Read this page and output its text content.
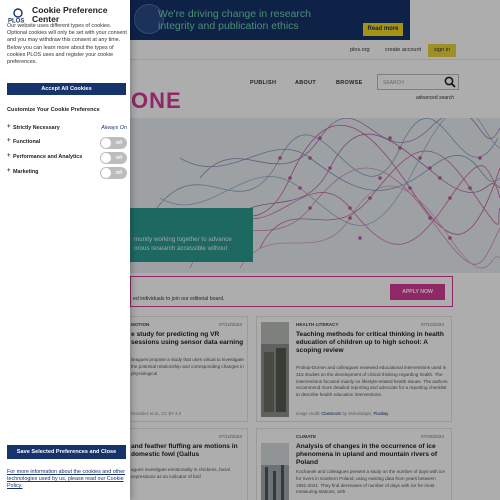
We're driving change in research integrity and publication ethics	Read more
plos.org	create account	sign in
PUBLISH	ABOUT	BROWSE	SEARCH
advanced search
ONE
munity working together to advance orous research accessible without
ed individuals to join our editorial board.
APPLY NOW
MOTION	07/10/2024
e study for predicting ng VR sessions using sensor data earning
lleagues propose a study that uses virtual to investigate the potential relationship and corresponding changes in physiological
Gonzalez et al., CC BY 4.0
HEALTH LITERACY	07/10/2024
Teaching methods for critical thinking in health education of children up to high school: A scoping review
Prokop-Dorner and colleagues reviewed educational interventions used in 315 studies on the development of critical thinking regarding health. The interventions focused mainly on lifestyle-related health issues. The authors recommend more detailed reporting and advocate for a reporting checklist to describe health education interventions.
Image credit: Classroom by Wokandapix, Pixabay
07/10/2024
and feather fluffing are motions in domestic fowl (Gallus
agues investigate emotionality in chickens, facial expressions as an indicator of bird
CLIMATE	07/09/2024
Analysis of changes in the occurrence of ice phenomena in upland and mountain rivers of Poland
Kochanek and colleagues present a study on the number of days with ice for rivers in southern Poland, using existing data from years between 1951-2021. They find decreases of number of days with ice for most measuring stations, with
PLOS
Cookie Preference Center
Our website uses different types of cookies. Optional cookies will only be set with your consent and you may withdraw this consent at any time. Below you can learn more about the types of cookies PLOS uses and register your cookie preferences.
Accept All Cookies
Customize Your Cookie Preference
+ Strictly Necessary	Always On
+ Functional	Off
+ Performance and Analytics	Off
+ Marketing	Off
Save Selected Preferences and Close
For more information about the cookies and other technologies used by us, please read our Cookie Policy.
